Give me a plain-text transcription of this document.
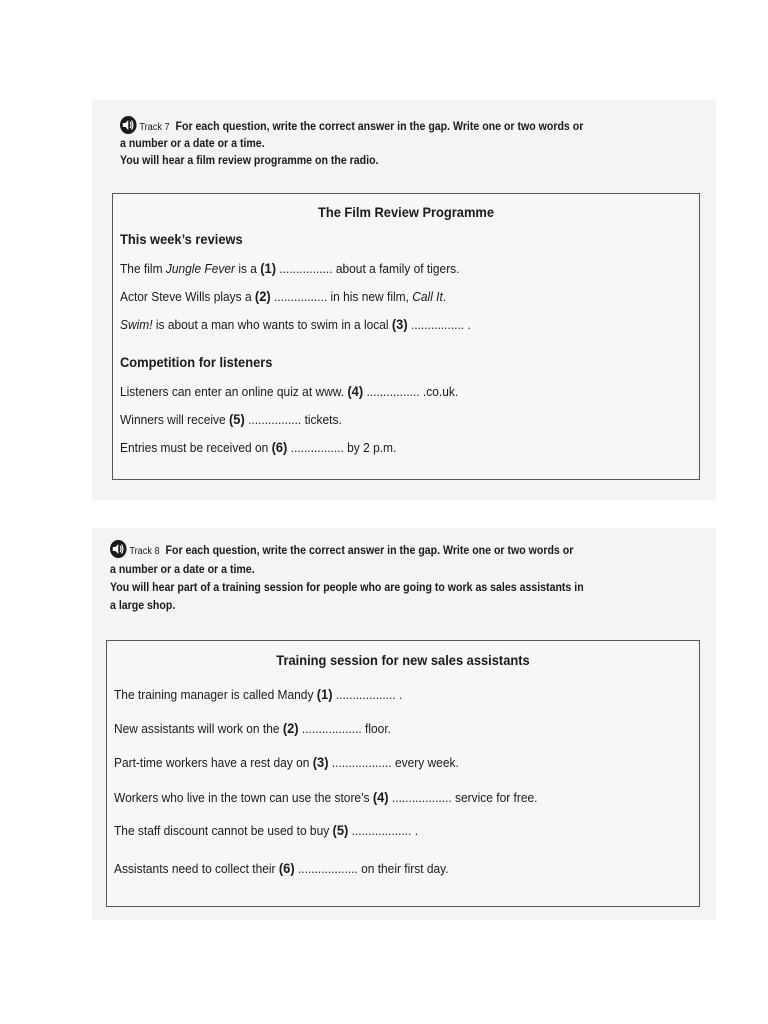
Track 7 For each question, write the correct answer in the gap. Write one or two words or
a number or a date or a time.
You will hear a film review programme on the radio.
The Film Review Programme
This week’s reviews
The film Jungle Fever is a (1) ................ about a family of tigers.
Actor Steve Wills plays a (2) ................ in his new film, Call It.
Swim! is about a man who wants to swim in a local (3) ................ .
Competition for listeners
Listeners can enter an online quiz at www. (4) ................ .co.uk.
Winners will receive (5) ................ tickets.
Entries must be received on (6) ................ by 2 p.m.
Track 8 For each question, write the correct answer in the gap. Write one or two words or
a number or a date or a time.
You will hear part of a training session for people who are going to work as sales assistants in
a large shop.
Training session for new sales assistants
The training manager is called Mandy (1) .................. .
New assistants will work on the (2) .................. floor.
Part-time workers have a rest day on (3) .................. every week.
Workers who live in the town can use the store’s (4) .................. service for free.
The staff discount cannot be used to buy (5) .................. .
Assistants need to collect their (6) .................. on their first day.
